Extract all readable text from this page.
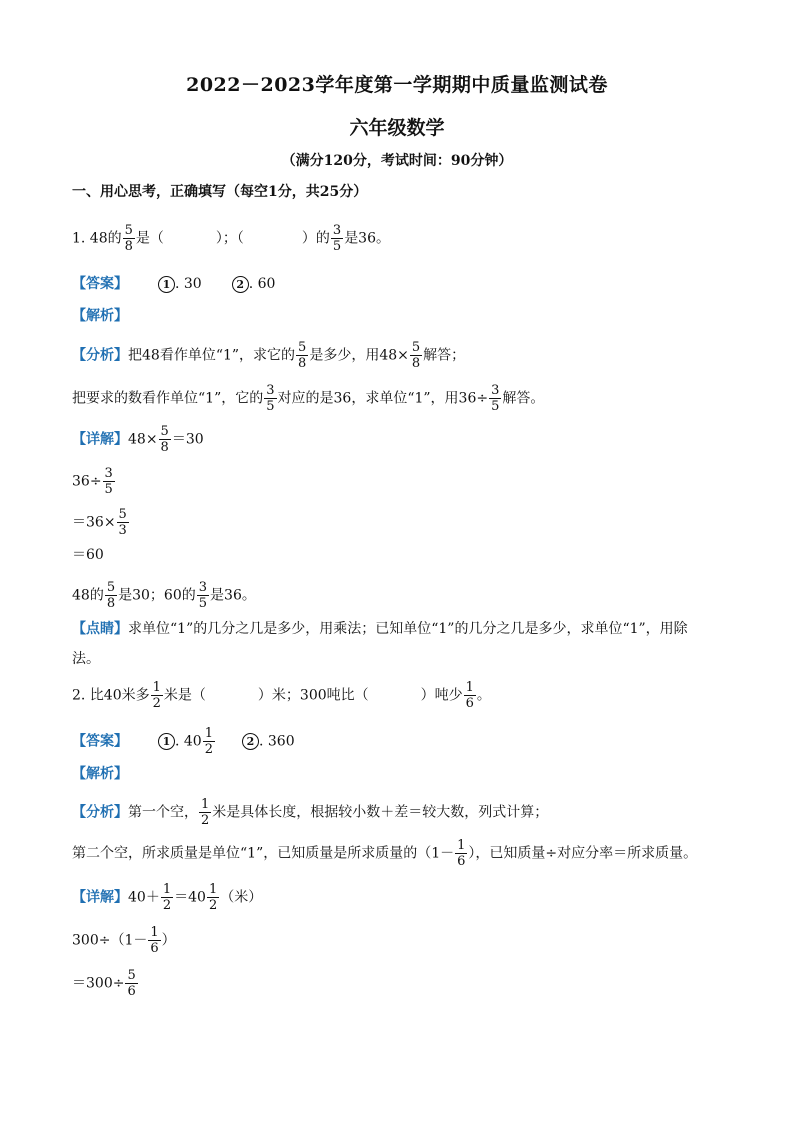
2022－2023学年度第一学期期中质量监测试卷
六年级数学
（满分120分，考试时间：90分钟）
一、用心思考，正确填写（每空1分，共25分）
1. 48的 $\frac{5}{8}$ 是（	）；（	）的 $\frac{3}{5}$ 是36。
【答案】	1 . 30	2 . 60
【解析】
【分析】把48看作单位“1”，求它的 $\frac{5}{8}$ 是多少，用$48\times \frac{5}{8}$ 解答；
把要求的数看作单位“1”，它的 $\frac{3}{5}$ 对应的是36，求单位“1”，用$36\div \frac{3}{5}$ 解答。
【详解】$48\times \frac{5}{8} =30$
$36\div \frac{3}{5}$
$=36\times \frac{5}{3}$
＝60
48的 $\frac{5}{8}$ 是30；60的 $\frac{3}{5}$ 是36。
【点睛】求单位“1”的几分之几是多少，用乘法；已知单位“1”的几分之几是多少，求单位“1”，用除
法。
2. 比40米多 $\frac{1}{2}$ 米是（	）米；300吨比（	）吨少 $\frac{1}{6}$ 。
【答案】	1 . $40 \frac{1}{2}$	2 . 360
【解析】
【分析】第一个空， $\frac{1}{2}$ 米是具体长度，根据较小数＋差＝较大数，列式计算；
第二个空，所求质量是单位“1”，已知质量是所求质量的（$1- \frac{1}{6}$ ），已知质量÷对应分率＝所求质量。
【详解】$40+ \frac{1}{2} =40 \frac{1}{2}$ （米）
$300\div(1- \frac{1}{6}$ ）
$=300\div \frac{5}{6}$
